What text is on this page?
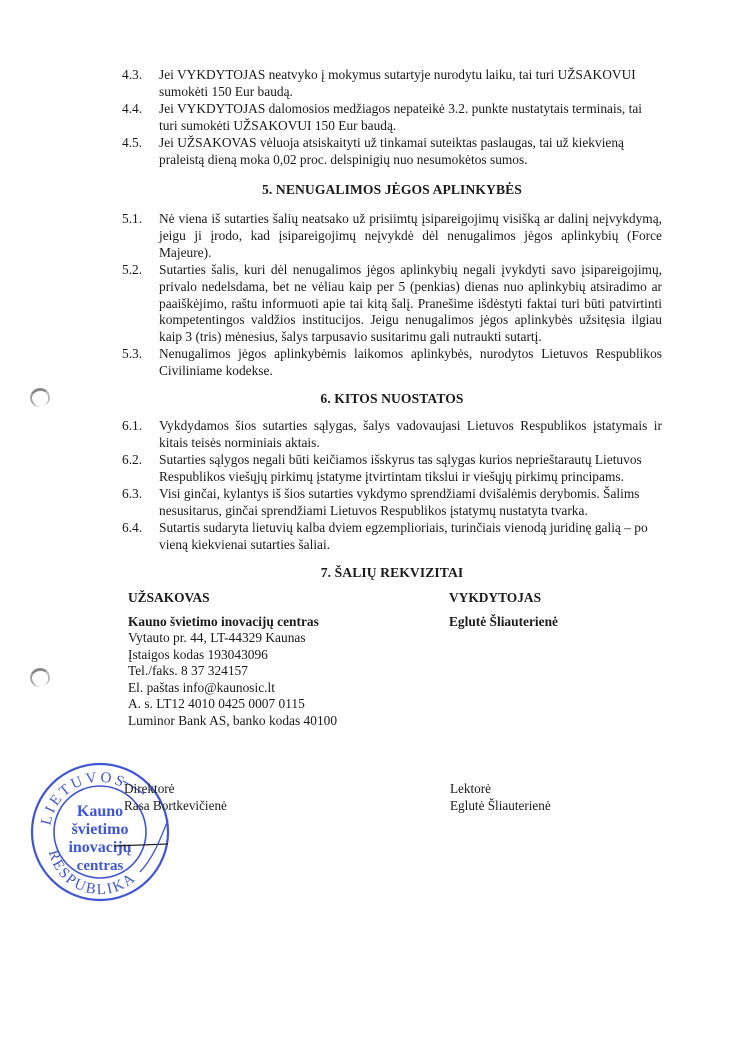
4.3. Jei VYKDYTOJAS neatvyko į mokymus sutartyje nurodytu laiku, tai turi UŽSAKOVUI sumokėti 150 Eur baudą.
4.4. Jei VYKDYTOJAS dalomosios medžiagos nepateikė 3.2. punkte nustatytais terminais, tai turi sumokėti UŽSAKOVUI 150 Eur baudą.
4.5. Jei UŽSAKOVAS vėluoja atsiskaityti už tinkamai suteiktas paslaugas, tai už kiekvieną praleistą dieną moka 0,02 proc. delspinigių nuo nesumokėtos sumos.
5. NENUGALIMOS JĖGOS APLINKYBĖS
5.1. Nė viena iš sutarties šalių neatsako už prisiimtų įsipareigojimų visišką ar dalinį neįvykdymą, jeigu ji įrodo, kad įsipareigojimų neįvykdė dėl nenugalimos jėgos aplinkybių (Force Majeure).
5.2. Sutarties šalis, kuri dėl nenugalimos jėgos aplinkybių negali įvykdyti savo įsipareigojimų, privalo nedelsdama, bet ne vėliau kaip per 5 (penkias) dienas nuo aplinkybių atsiradimo ar paaiškėjimo, raštu informuoti apie tai kitą šalį. Pranešime išdėstyti faktai turi būti patvirtinti kompetentingos valdžios institucijos. Jeigu nenugalimos jėgos aplinkybės užsitęsia ilgiau kaip 3 (tris) mėnesius, šalys tarpusavio susitarimu gali nutraukti sutartį.
5.3. Nenugalimos jėgos aplinkybėmis laikomos aplinkybės, nurodytos Lietuvos Respublikos Civiliniame kodekse.
6. KITOS NUOSTATOS
6.1. Vykdydamos šios sutarties sąlygas, šalys vadovaujasi Lietuvos Respublikos įstatymais ir kitais teisės norminiais aktais.
6.2. Sutarties sąlygos negali būti keičiamos išskyrus tas sąlygas kurios neprieštarautų Lietuvos Respublikos viešųjų pirkimų įstatyme įtvirtintam tikslui ir viešųjų pirkimų principams.
6.3. Visi ginčai, kylantys iš šios sutarties vykdymo sprendžiami dvišalėmis derybomis. Šalims nesusitarus, ginčai sprendžiami Lietuvos Respublikos įstatymų nustatyta tvarka.
6.4. Sutartis sudaryta lietuvių kalba dviem egzemplioriais, turinčiais vienodą juridinę galią – po vieną kiekvienai sutarties šaliai.
7. ŠALIŲ REKVIZITAI
UŽSAKOVAS
Kauno švietimo inovacijų centras
Vytauto pr. 44, LT-44329 Kaunas
Įstaigos kodas 193043096
Tel./faks. 8 37 324157
El. paštas info@kaunosic.lt
A. s. LT12 4010 0425 0007 0115
Luminor Bank AS, banko kodas 40100
VYKDYTOJAS
Eglutė Šliauterienė
LIETUVOS
RESPUBLIKA
Kauno
švietimo
inovacijų
centras
Direktorė
Rasa Bortkevičienė
Lektorė
Eglutė Šliauterienė
